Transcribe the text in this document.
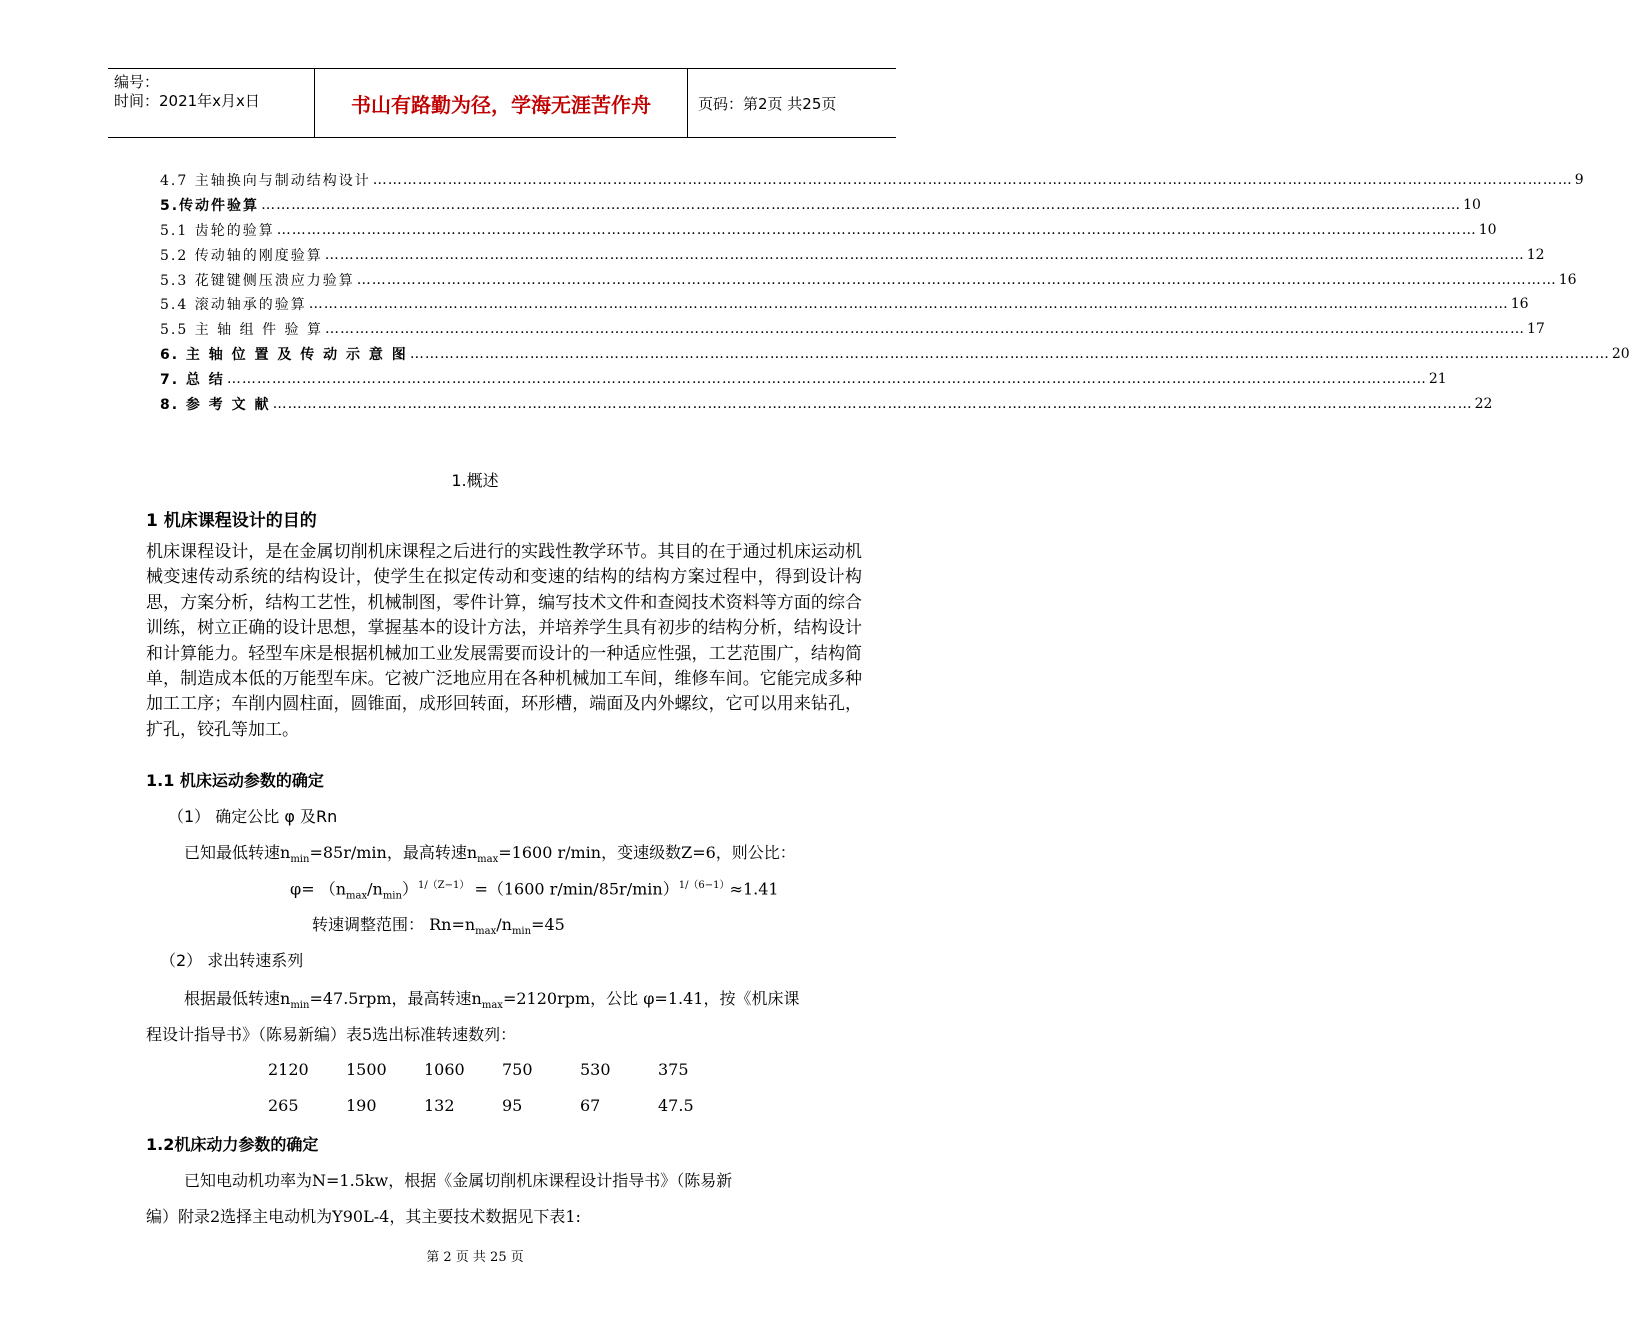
编号：
时间：2021年x月x日	书山有路勤为径，学海无涯苦作舟	页码：第2页 共25页
4.7 主轴换向与制动结构设计 …………………………………………………………………………………………………………………………………………………………………………………………………………………… 9
5.传动件验算 …………………………………………………………………………………………………………………………………………………………………………………………………………………… 10
5.1 齿轮的验算 …………………………………………………………………………………………………………………………………………………………………………………………………………………… 10
5.2 传动轴的刚度验算 …………………………………………………………………………………………………………………………………………………………………………………………………………………… 12
5.3 花键键侧压溃应力验算 …………………………………………………………………………………………………………………………………………………………………………………………………………………… 16
5.4 滚动轴承的验算 …………………………………………………………………………………………………………………………………………………………………………………………………………………… 16
5.5 主 轴 组 件 验 算 …………………………………………………………………………………………………………………………………………………………………………………………………………………… 17
6. 主 轴 位 置 及 传 动 示 意 图 …………………………………………………………………………………………………………………………………………………………………………………………………………………… 20
7. 总 结 …………………………………………………………………………………………………………………………………………………………………………………………………………………… 21
8. 参 考 文 献 …………………………………………………………………………………………………………………………………………………………………………………………………………………… 22
1.概述
1 机床课程设计的目的
机床课程设计，是在金属切削机床课程之后进行的实践性教学环节。其目的在于通过机床运动机械变速传动系统的结构设计，使学生在拟定传动和变速的结构的结构方案过程中，得到设计构思，方案分析，结构工艺性，机械制图，零件计算，编写技术文件和查阅技术资料等方面的综合训练，树立正确的设计思想，掌握基本的设计方法，并培养学生具有初步的结构分析，结构设计和计算能力。轻型车床是根据机械加工业发展需要而设计的一种适应性强，工艺范围广，结构简单，制造成本低的万能型车床。它被广泛地应用在各种机械加工车间，维修车间。它能完成多种加工工序；车削内圆柱面，圆锥面，成形回转面，环形槽，端面及内外螺纹，它可以用来钻孔，扩孔，铰孔等加工。
1.1 机床运动参数的确定
（1） 确定公比 φ 及Rn
已知最低转速$n_{min}=85r/\min$，最高转速$n_{max}=1600$ r/min，变速级数Z=6，则公比：
$\varphi= (n_{max}/n_{min})^{1/(Z-1)} =(1600$ r/min/85r/min）$^{1/(6-1)}$≈1.41
转速调整范围： $Rn=n_{max}/n_{min}=45$
（2） 求出转速系列
根据最低转速$n_{min}=47.5rpm$，最高转速$n_{max}=2120rpm$，公比 φ=1.41，按《机床课
程设计指导书》（陈易新编）表5选出标准转速数列：
2120	1500	1060	750	530	375
265	190	132	95	67	47.5
1.2机床动力参数的确定
已知电动机功率为N=1.5kw，根据《金属切削机床课程设计指导书》（陈易新
编）附录2选择主电动机为Y90L-4，其主要技术数据见下表1:
第 2 页 共 25 页
